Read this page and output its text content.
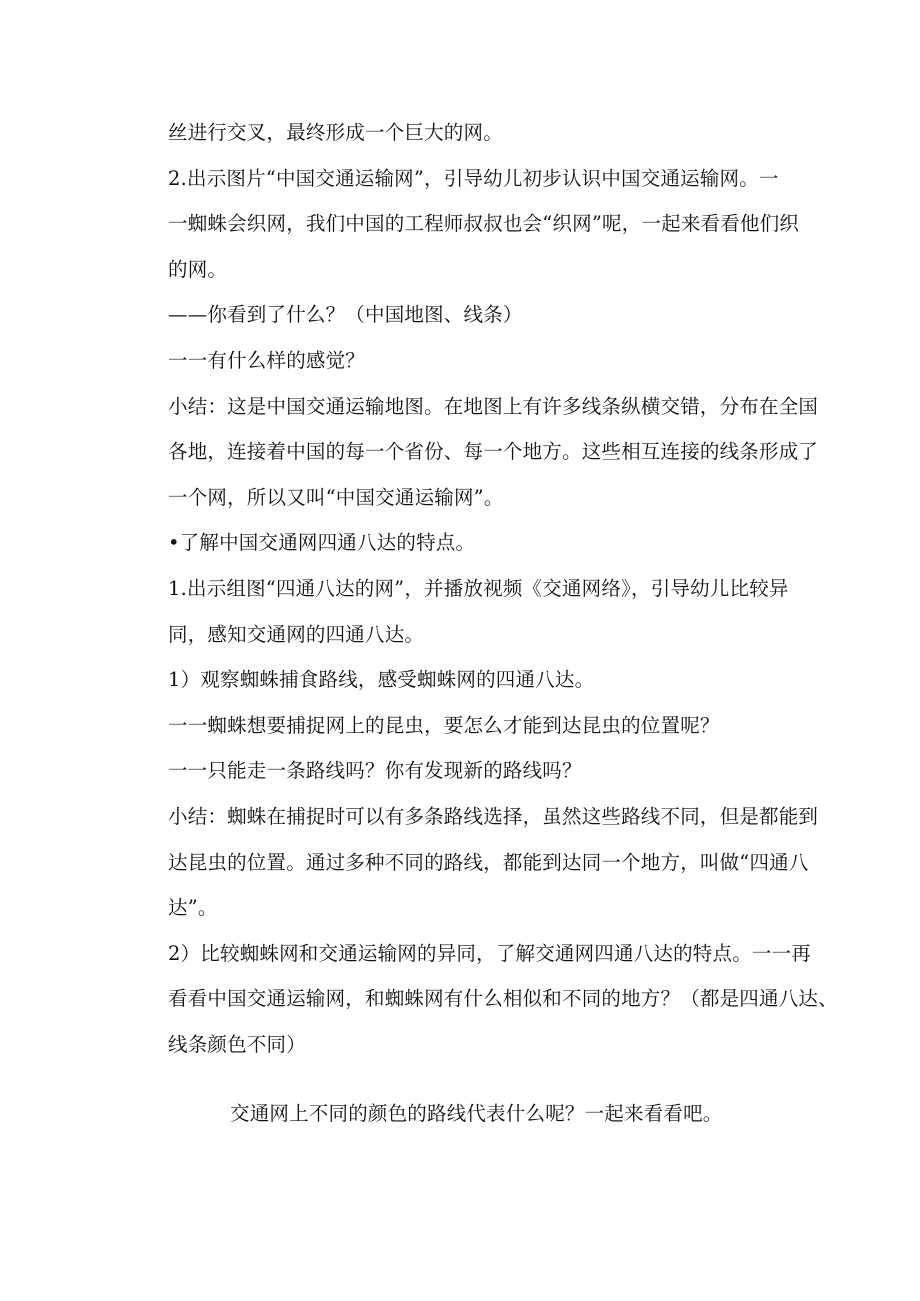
丝进行交叉，最终形成一个巨大的网。
2.出示图片“中国交通运输网”，引导幼儿初步认识中国交通运输网。一
一蜘蛛会织网，我们中国的工程师叔叔也会“织网”呢，一起来看看他们织
的网。
——你看到了什么？（中国地图、线条）
一一有什么样的感觉？
小结：这是中国交通运输地图。在地图上有许多线条纵横交错，分布在全国
各地，连接着中国的每一个省份、每一个地方。这些相互连接的线条形成了
一个网，所以又叫“中国交通运输网”。
•了解中国交通网四通八达的特点。
1.出示组图“四通八达的网”，并播放视频《交通网络》，引导幼儿比较异
同，感知交通网的四通八达。
1）观察蜘蛛捕食路线，感受蜘蛛网的四通八达。
一一蜘蛛想要捕捉网上的昆虫，要怎么才能到达昆虫的位置呢？
一一只能走一条路线吗？你有发现新的路线吗？
小结：蜘蛛在捕捉时可以有多条路线选择，虽然这些路线不同，但是都能到
达昆虫的位置。通过多种不同的路线，都能到达同一个地方，叫做“四通八
达”。
2）比较蜘蛛网和交通运输网的异同，了解交通网四通八达的特点。一一再
看看中国交通运输网，和蜘蛛网有什么相似和不同的地方？（都是四通八达、
线条颜色不同）
交通网上不同的颜色的路线代表什么呢？一起来看看吧。
